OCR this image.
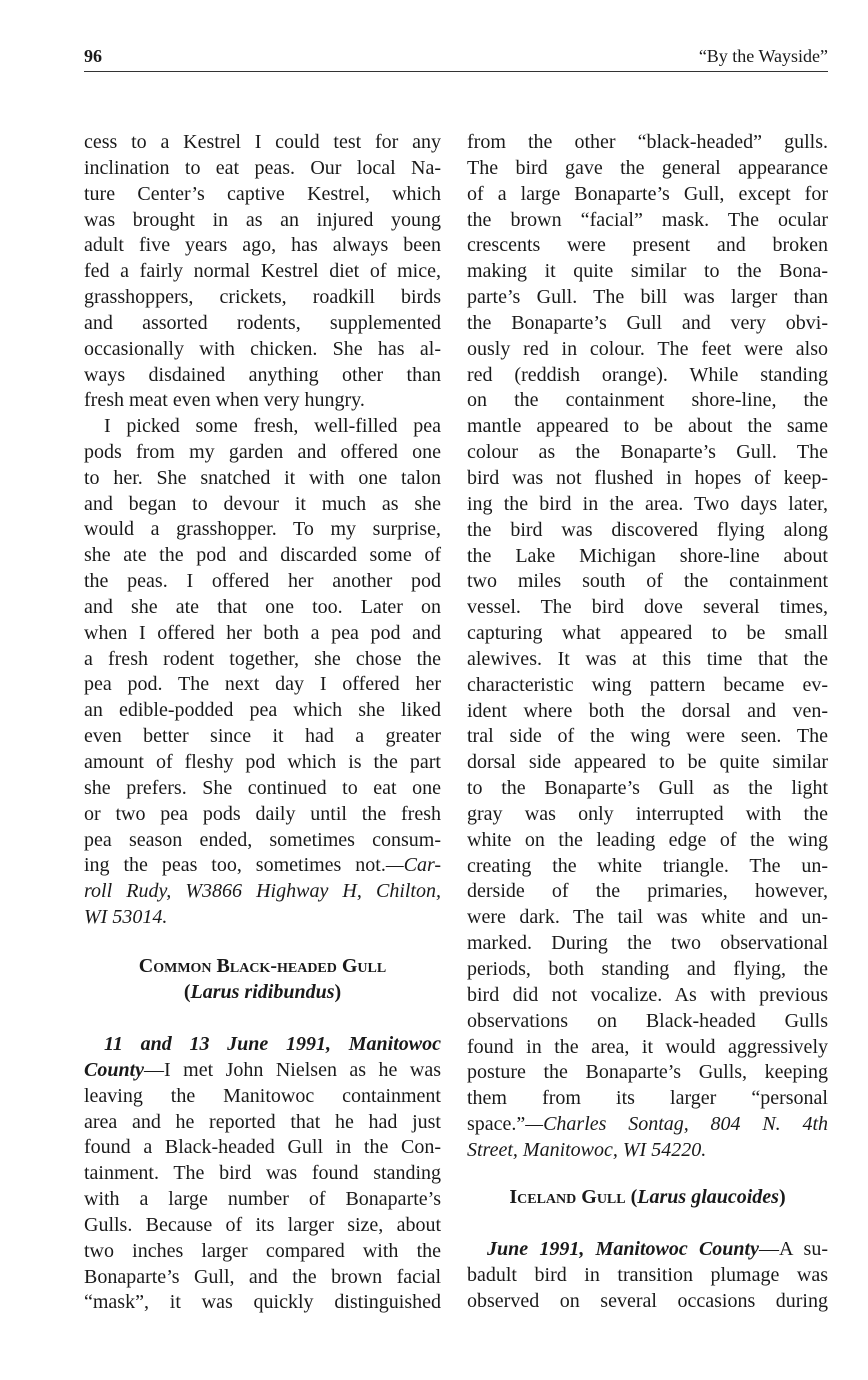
96	“By the Wayside”
cess to a Kestrel I could test for any
inclination to eat peas. Our local Na-
ture Center’s captive Kestrel, which
was brought in as an injured young
adult five years ago, has always been
fed a fairly normal Kestrel diet of mice,
grasshoppers, crickets, roadkill birds
and assorted rodents, supplemented
occasionally with chicken. She has al-
ways disdained anything other than
fresh meat even when very hungry.
I picked some fresh, well-filled pea
pods from my garden and offered one
to her. She snatched it with one talon
and began to devour it much as she
would a grasshopper. To my surprise,
she ate the pod and discarded some of
the peas. I offered her another pod
and she ate that one too. Later on
when I offered her both a pea pod and
a fresh rodent together, she chose the
pea pod. The next day I offered her
an edible-podded pea which she liked
even better since it had a greater
amount of fleshy pod which is the part
she prefers. She continued to eat one
or two pea pods daily until the fresh
pea season ended, sometimes consum-
ing the peas too, sometimes not.—Car-
roll Rudy, W3866 Highway H, Chilton,
WI 53014.
Common Black-headed Gull
(Larus ridibundus)
11 and 13 June 1991, Manitowoc
County—I met John Nielsen as he was
leaving the Manitowoc containment
area and he reported that he had just
found a Black-headed Gull in the Con-
tainment. The bird was found standing
with a large number of Bonaparte’s
Gulls. Because of its larger size, about
two inches larger compared with the
Bonaparte’s Gull, and the brown facial
“mask”, it was quickly distinguished
from the other “black-headed” gulls.
The bird gave the general appearance
of a large Bonaparte’s Gull, except for
the brown “facial” mask. The ocular
crescents were present and broken
making it quite similar to the Bona-
parte’s Gull. The bill was larger than
the Bonaparte’s Gull and very obvi-
ously red in colour. The feet were also
red (reddish orange). While standing
on the containment shore-line, the
mantle appeared to be about the same
colour as the Bonaparte’s Gull. The
bird was not flushed in hopes of keep-
ing the bird in the area. Two days later,
the bird was discovered flying along
the Lake Michigan shore-line about
two miles south of the containment
vessel. The bird dove several times,
capturing what appeared to be small
alewives. It was at this time that the
characteristic wing pattern became ev-
ident where both the dorsal and ven-
tral side of the wing were seen. The
dorsal side appeared to be quite similar
to the Bonaparte’s Gull as the light
gray was only interrupted with the
white on the leading edge of the wing
creating the white triangle. The un-
derside of the primaries, however,
were dark. The tail was white and un-
marked. During the two observational
periods, both standing and flying, the
bird did not vocalize. As with previous
observations on Black-headed Gulls
found in the area, it would aggressively
posture the Bonaparte’s Gulls, keeping
them from its larger “personal
space.”—Charles Sontag, 804 N. 4th
Street, Manitowoc, WI 54220.
Iceland Gull (Larus glaucoides)
June 1991, Manitowoc County—A su-
badult bird in transition plumage was
observed on several occasions during
